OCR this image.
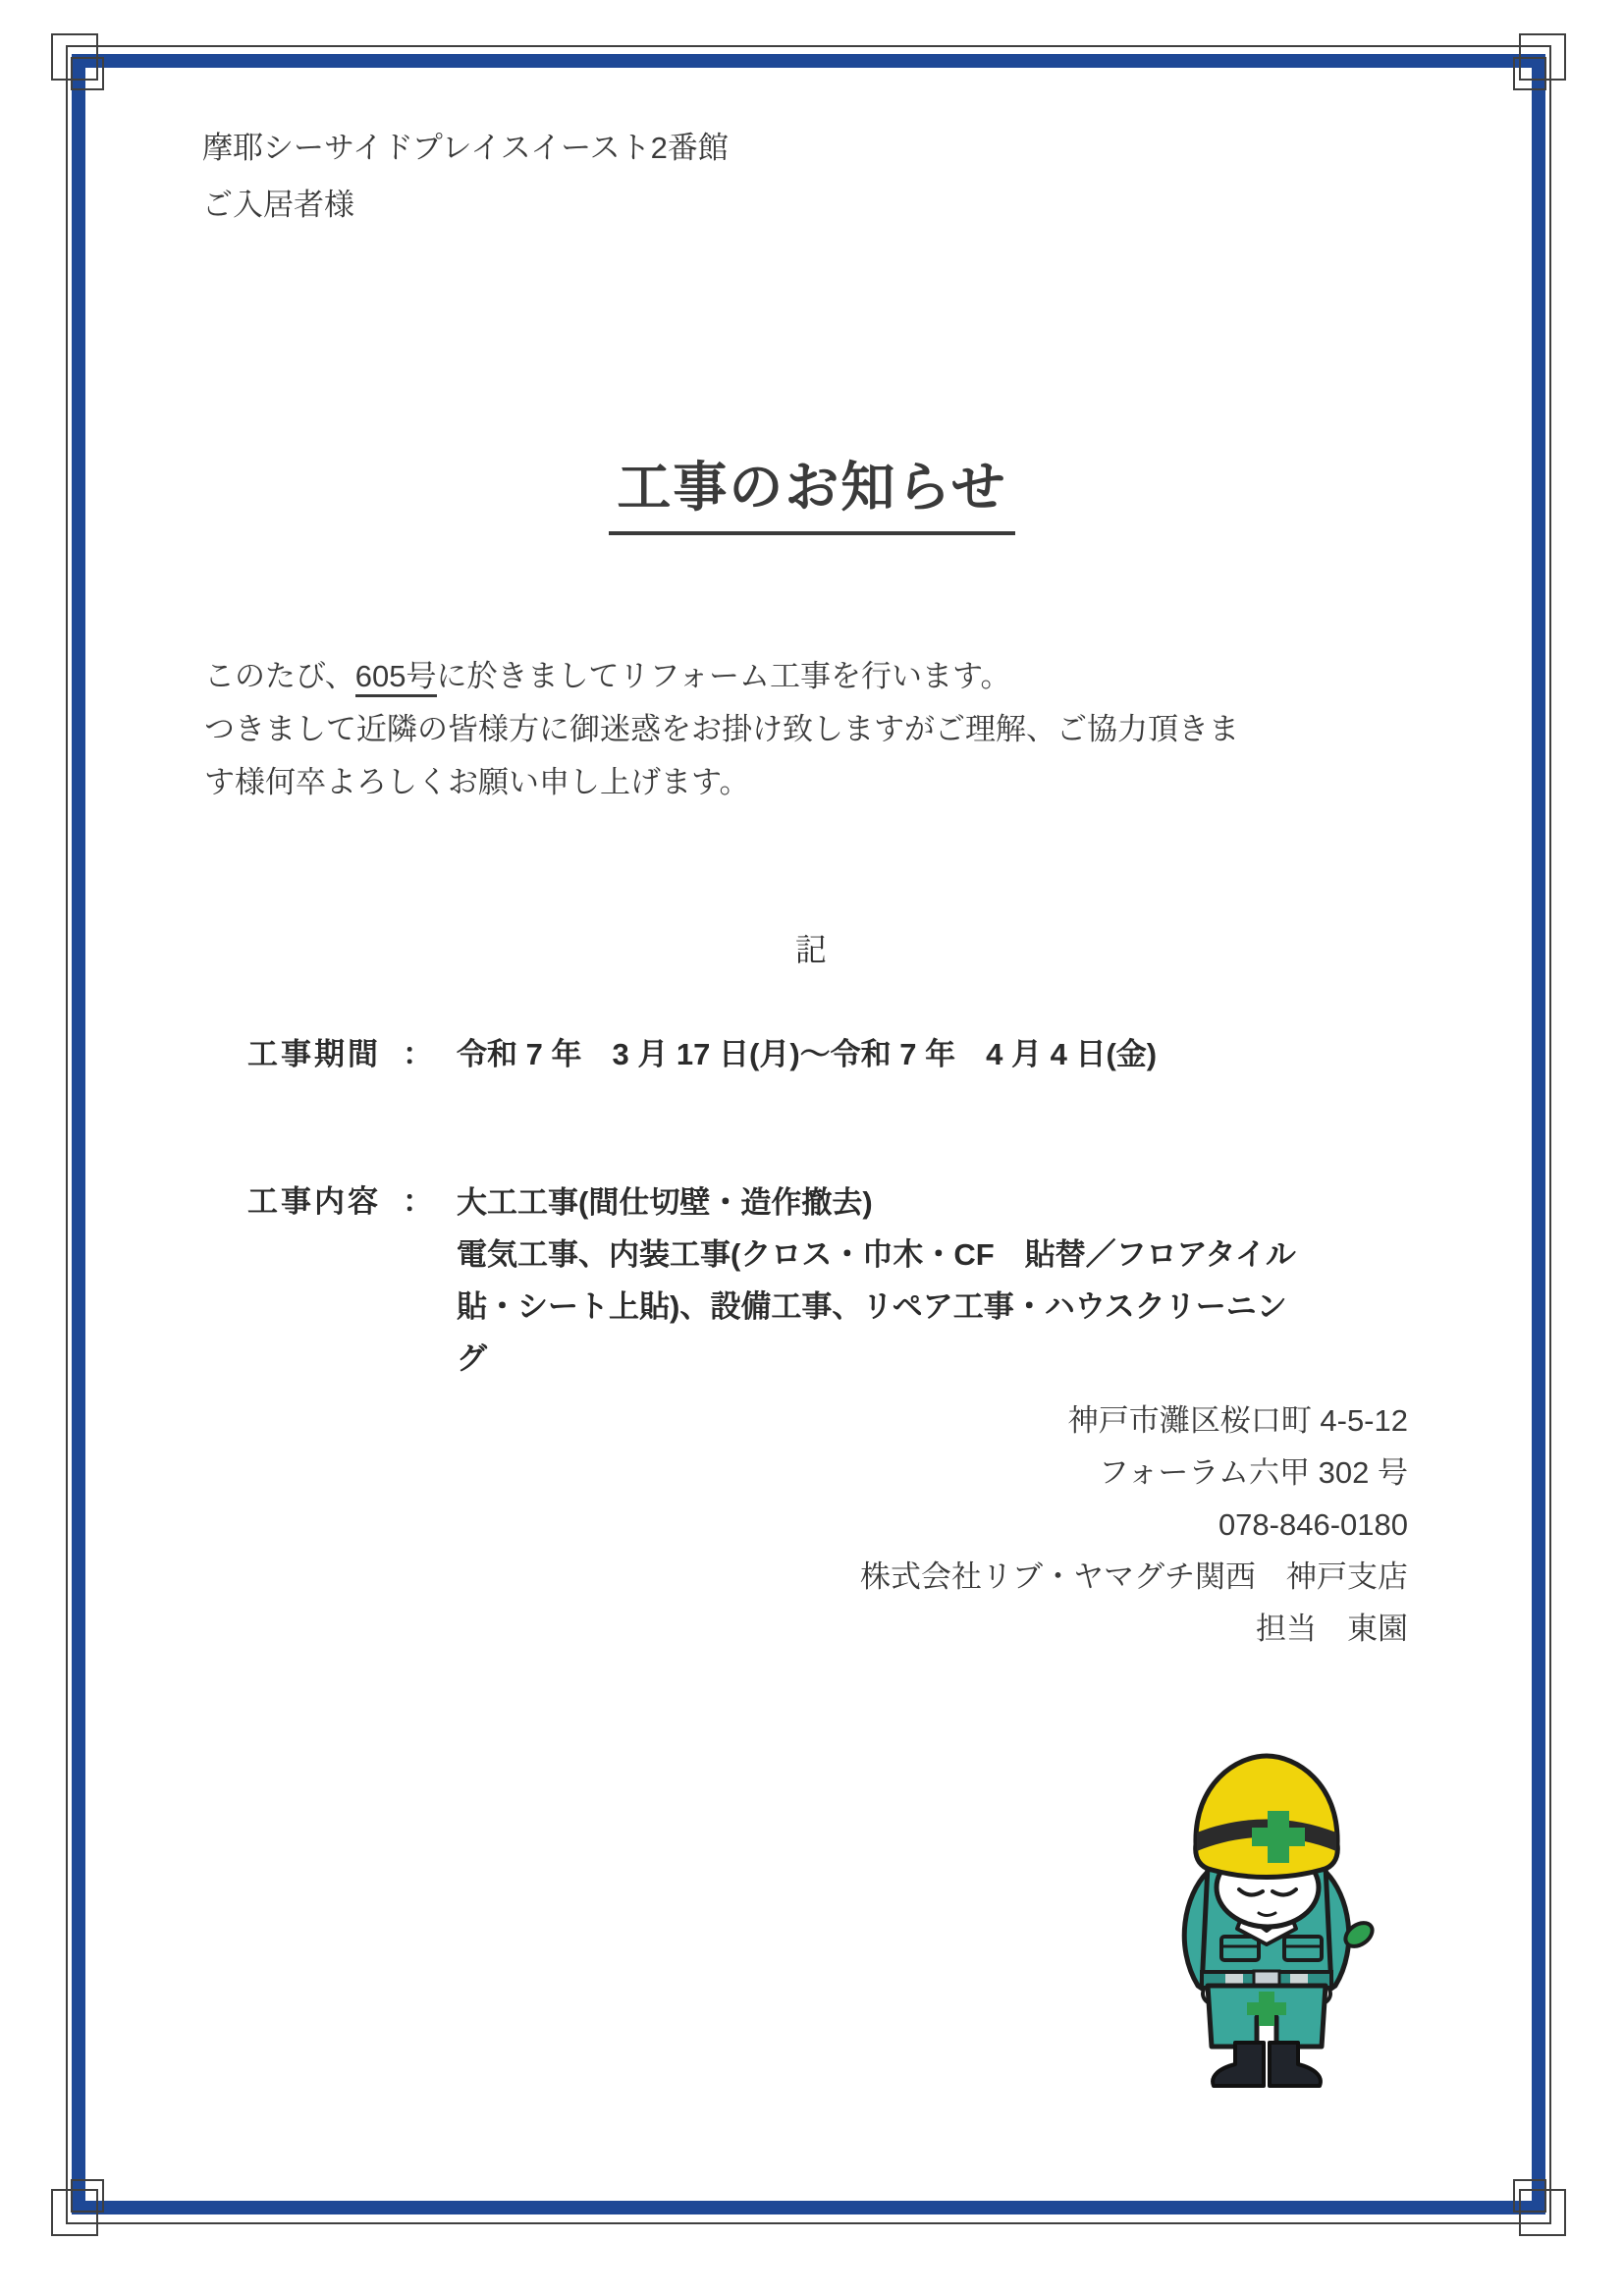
摩耶シーサイドプレイスイースト2番館
ご入居者様
工事のお知らせ
このたび、605号に於きましてリフォーム工事を行います。
つきまして近隣の皆様方に御迷惑をお掛け致しますがご理解、ご協力頂きま
す様何卒よろしくお願い申し上げます。
記
工事期間 ： 令和 7 年　3 月 17 日(月)～令和 7 年　4 月 4 日(金)
工事内容 ： 大工工事(間仕切壁・造作撤去)
電気工事、内装工事(クロス・巾木・CF　貼替／フロアタイル
貼・シート上貼)、設備工事、リペア工事・ハウスクリーニン
グ
神戸市灘区桜口町 4-5-12
フォーラム六甲 302 号
078-846-0180
株式会社リブ・ヤマグチ関西　神戸支店
担当　東園
